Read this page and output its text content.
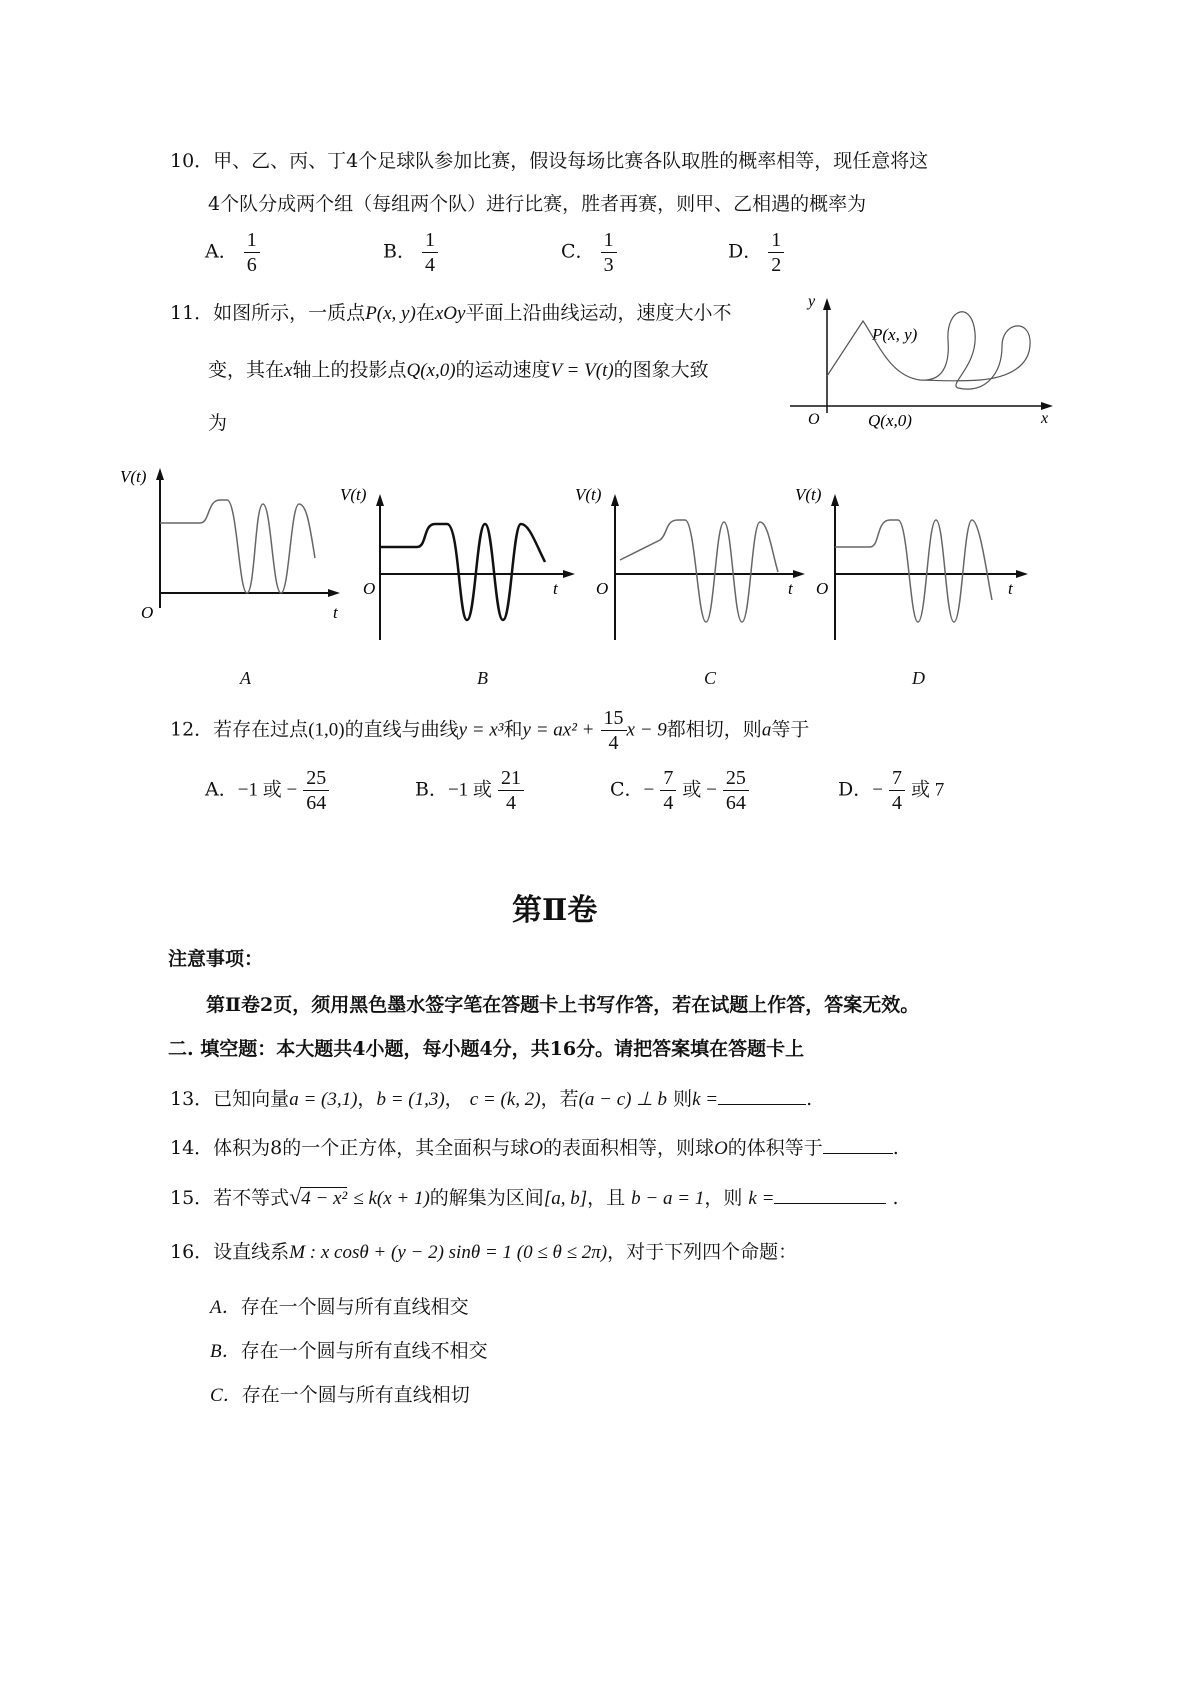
10．甲、乙、丙、丁4个足球队参加比赛，假设每场比赛各队取胜的概率相等，现任意将这
4个队分成两个组（每组两个队）进行比赛，胜者再赛，则甲、乙相遇的概率为
A． $\frac{1}{6}$	B． $\frac{1}{4}$	C． $\frac{1}{3}$	D． $\frac{1}{2}$
11．如图所示，一质点P(x, y)在xOy平面上沿曲线运动，速度大小不
变，其在x轴上的投影点Q(x,0)的运动速度V = V(t)的图象大致
为
y
x
O
P(x, y)
Q(x,0)
V(t)
O	t
A
V(t)
O	t
B
V(t)
O	t
C
V(t)
O	t
D
12．若存在过点(1,0)的直线与曲线y = x³和$y = ax^2 + \frac{15}{4}$ x − 9都相切，则a等于
A．−1 或 − $\frac{25}{64}$	B．−1 或 $\frac{21}{4}$	C．− $\frac{7}{4}$ 或 − $\frac{25}{64}$	D．− $\frac{7}{4}$ 或 7
第Ⅱ卷
注意事项：
第Ⅱ卷2页，须用黑色墨水签字笔在答题卡上书写作答，若在试题上作答，答案无效。
二. 填空题：本大题共4小题，每小题4分，共16分。请把答案填在答题卡上
13．已知向量a = (3,1)，b = (1,3)， c = (k, 2)，若(a − c) ⊥ b 则k =	.
14．体积为8的一个正方体，其全面积与球O的表面积相等，则球O的体积等于	.
15．若不等式√4 − x² ≤ k(x + 1)的解集为区间[a, b]，且 b − a = 1，则 k =	.
16．设直线系M : x cosθ + (y − 2) sinθ = 1 (0 ≤ θ ≤ 2π)，对于下列四个命题：
A．存在一个圆与所有直线相交
B．存在一个圆与所有直线不相交
C．存在一个圆与所有直线相切
